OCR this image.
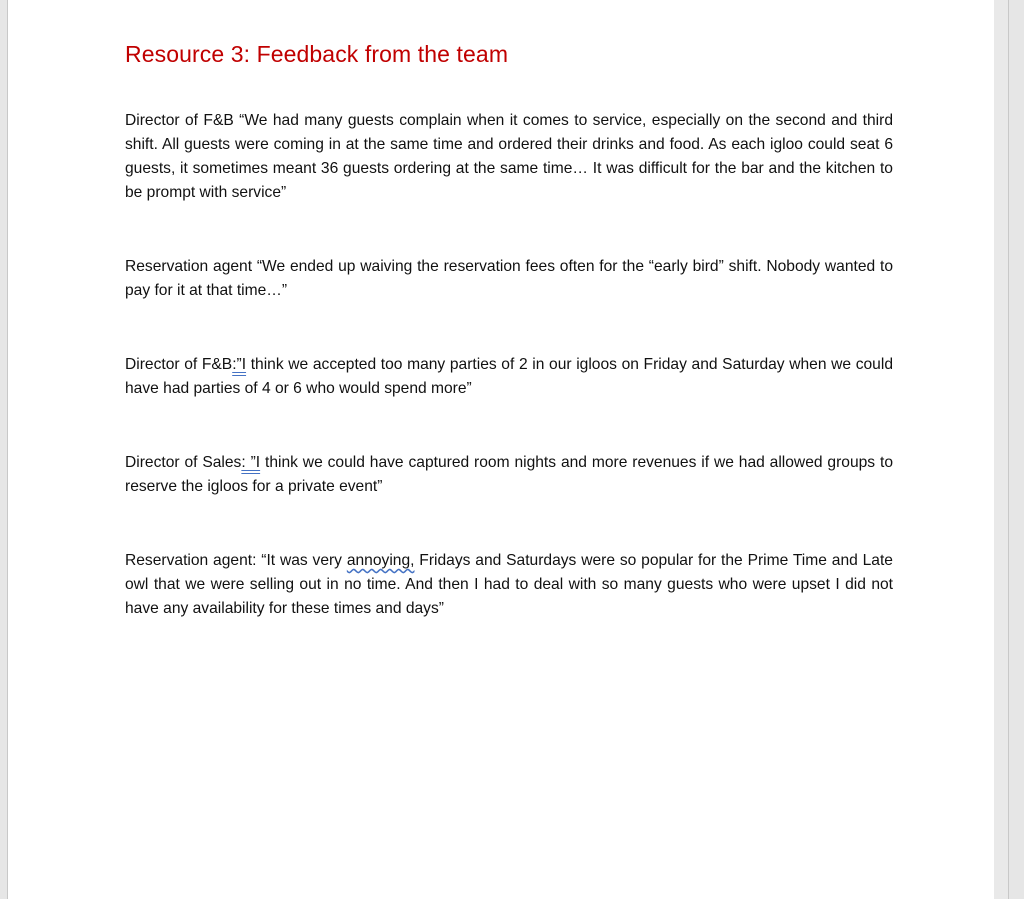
Resource 3: Feedback from the team

Director of F&B “We had many guests complain when it comes to service, especially on the second and third shift. All guests were coming in at the same time and ordered their drinks and food. As each igloo could seat 6 guests, it sometimes meant 36 guests ordering at the same time… It was difficult for the bar and the kitchen to be prompt with service”

Reservation agent “We ended up waiving the reservation fees often for the “early bird” shift. Nobody wanted to pay for it at that time…”

Director of F&B:”I think we accepted too many parties of 2 in our igloos on Friday and Saturday when we could have had parties of 4 or 6 who would spend more”

Director of Sales: ”I think we could have captured room nights and more revenues if we had allowed groups to reserve the igloos for a private event”

Reservation agent: “It was very annoying, Fridays and Saturdays were so popular for the Prime Time and Late owl that we were selling out in no time. And then I had to deal with so many guests who were upset I did not have any availability for these times and days”
